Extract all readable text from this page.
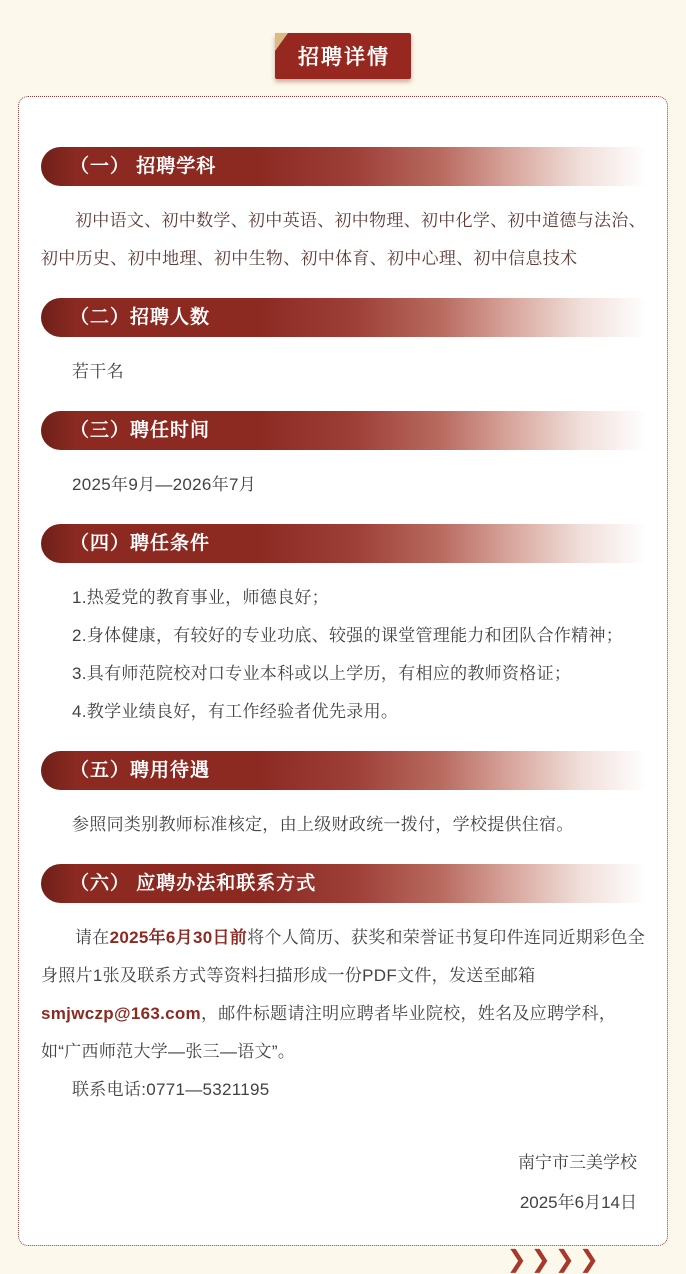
招聘详情
（一） 招聘学科

初中语文、初中数学、初中英语、初中物理、初中化学、初中道德与法治、初中历史、初中地理、初中生物、初中体育、初中心理、初中信息技术

（二）招聘人数

若干名

（三）聘任时间

2025年9月—2026年7月

（四）聘任条件

1.热爱党的教育事业，师德良好；

2.身体健康，有较好的专业功底、较强的课堂管理能力和团队合作精神；

3.具有师范院校对口专业本科或以上学历，有相应的教师资格证；

4.教学业绩良好，有工作经验者优先录用。

（五）聘用待遇

参照同类别教师标准核定，由上级财政统一拨付，学校提供住宿。

（六） 应聘办法和联系方式

请在2025年6月30日前将个人简历、获奖和荣誉证书复印件连同近期彩色全身照片1张及联系方式等资料扫描形成一份PDF文件，发送至邮箱smjwczp@163.com，邮件标题请注明应聘者毕业院校，姓名及应聘学科，如“广西师范大学—张三—语文”。

联系电话:0771—5321195

南宁市三美学校
2025年6月14日
❯❯❯❯
